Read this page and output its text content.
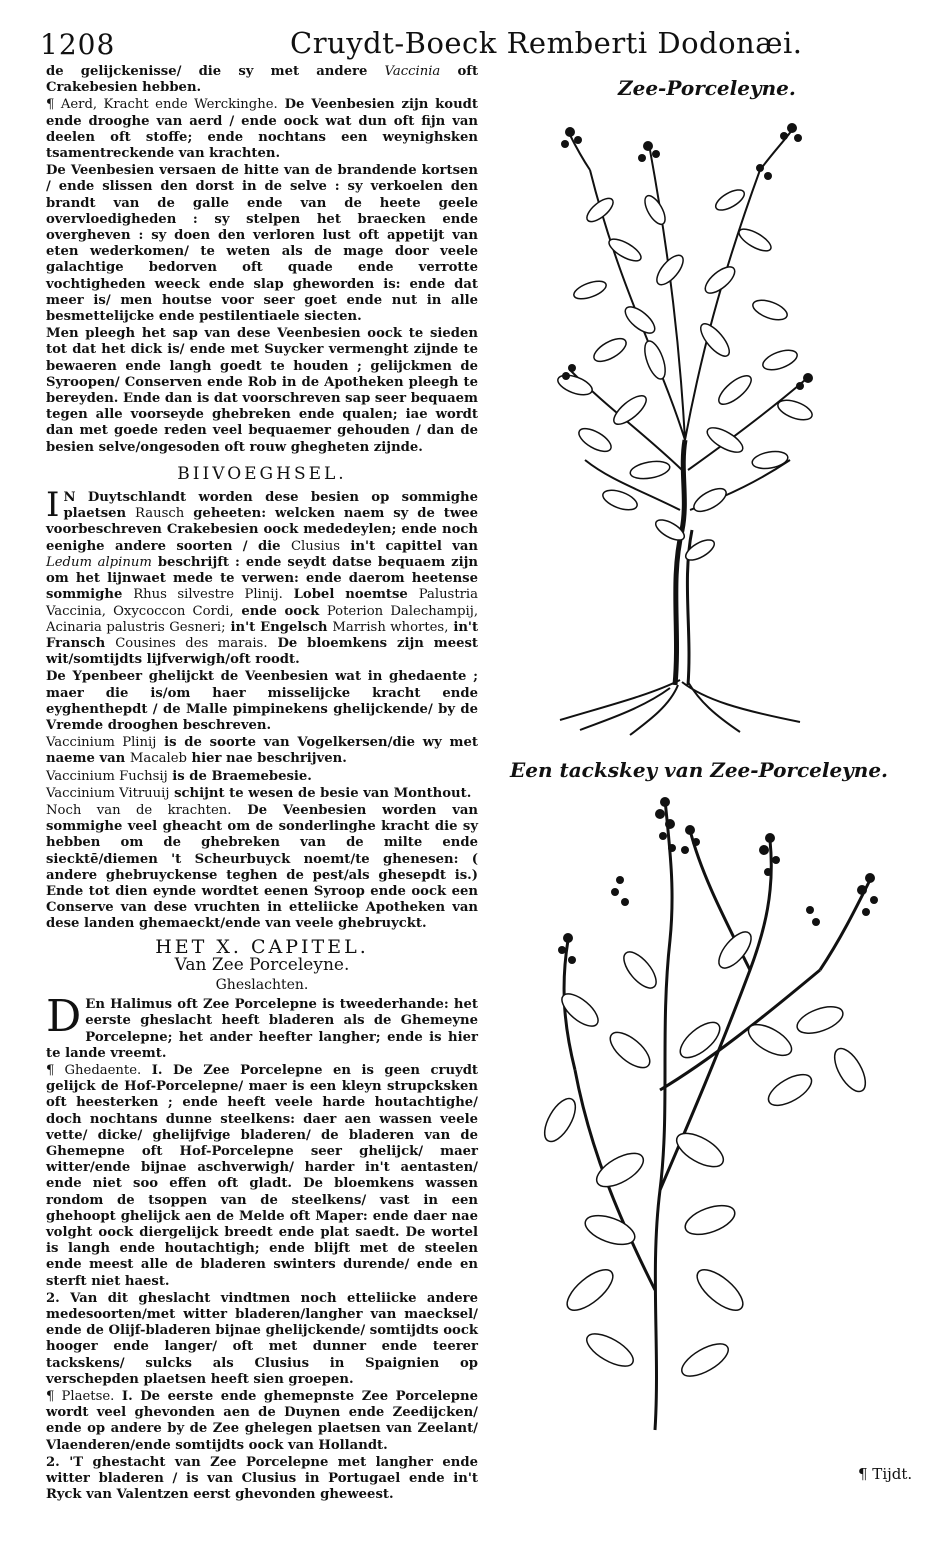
1208	Cruydt-Boeck Remberti Dodonæi.

de gelijckenisse/ die sy met andere Vaccinia oft Crakebesien hebben.

¶ Aerd, Kracht ende Werckinghe. De Veenbesien zijn koudt ende drooghe van aerd / ende oock wat dun oft fijn van deelen oft stoffe; ende nochtans een weynighsken tsamentreckende van krachten.

De Veenbesien versaen de hitte van de brandende kortsen / ende slissen den dorst in de selve : sy verkoelen den brandt van de galle ende van de heete geele overvloedigheden : sy stelpen het braecken ende overgheven : sy doen den verloren lust oft appetijt van eten wederkomen/ te weten als de mage door veele galachtige bedorven oft quade ende verrotte vochtigheden weeck ende slap gheworden is: ende dat meer is/ men houtse voor seer goet ende nut in alle besmettelijcke ende pestilentiaele siecten.

Men pleegh het sap van dese Veenbesien oock te sieden tot dat het dick is/ ende met Suycker vermenght zijnde te bewaeren ende langh goedt te houden ; gelijckmen de Syroopen/ Conserven ende Rob in de Apotheken pleegh te bereyden. Ende dan is dat voorschreven sap seer bequaem tegen alle voorseyde ghebreken ende qualen; iae wordt dan met goede reden veel bequaemer gehouden / dan de besien selve/ongesoden oft rouw ghegheten zijnde.

BIIVOEGHSEL.

I N Duytschlandt worden dese besien op sommighe plaetsen Rausch geheeten: welcken naem sy de twee voorbeschreven Crakebesien oock mededeylen; ende noch eenighe andere soorten / die Clusius in't capittel van Ledum alpinum beschrijft : ende seydt datse bequaem zijn om het lijnwaet mede te verwen: ende daerom heetense sommighe Rhus silvestre Plinij. Lobel noemtse Palustria Vaccinia, Oxycoccon Cordi, ende oock Poterion Dalechampij, Acinaria palustris Gesneri; in't Engelsch Marrish whortes, in't Fransch Cousines des marais. De bloemkens zijn meest wit/somtijdts lijfverwigh/oft roodt.

De Ypenbeer ghelijckt de Veenbesien wat in ghedaente ; maer die is/om haer misselijcke kracht ende eyghenthepdt / de Malle pimpinekens ghelijckende/ by de Vremde drooghen beschreven.

Vaccinium Plinij is de soorte van Vogelkersen/die wy met naeme van Macaleb hier nae beschrijven.

Vaccinium Fuchsij is de Braemebesie.

Vaccinium Vitruuij schijnt te wesen de besie van Monthout.

Noch van de krachten. De Veenbesien worden van sommighe veel gheacht om de sonderlinghe kracht die sy hebben om de ghebreken van de milte ende siecktē/diemen 't Scheurbuyck noemt/te ghenesen: ( andere ghebruyckense teghen de pest/als ghesepdt is.) Ende tot dien eynde wordtet eenen Syroop ende oock een Conserve van dese vruchten in etteliicke Apotheken van dese landen ghemaeckt/ende van veele ghebruyckt.

HET X. CAPITEL.
Van Zee Porceleyne.
Gheslachten.

D En Halimus oft Zee Porcelepne is tweederhande: het eerste gheslacht heeft bladeren als de Ghemeyne Porcelepne; het ander heefter langher; ende is hier te lande vreemt.

¶ Ghedaente. I. De Zee Porcelepne en is geen cruydt gelijck de Hof-Porcelepne/ maer is een kleyn strupcksken oft heesterken ; ende heeft veele harde houtachtighe/ doch nochtans dunne steelkens: daer aen wassen veele vette/ dicke/ ghelijfvige bladeren/ de bladeren van de Ghemepne oft Hof-Porcelepne seer ghelijck/ maer witter/ende bijnae aschverwigh/ harder in't aentasten/ ende niet soo effen oft gladt. De bloemkens wassen rondom de tsoppen van de steelkens/ vast in een ghehoopt ghelijck aen de Melde oft Maper: ende daer nae volght oock diergelijck breedt ende plat saedt. De wortel is langh ende houtachtigh; ende blijft met de steelen ende meest alle de bladeren swinters durende/ ende en sterft niet haest.

2. Van dit gheslacht vindtmen noch etteliicke andere medesoorten/met witter bladeren/langher van maecksel/ ende de Olijf-bladeren bijnae ghelijckende/ somtijdts oock hooger ende langer/ oft met dunner ende teerer tackskens/ sulcks als Clusius in Spaignien op verschepden plaetsen heeft sien groepen.

¶ Plaetse. I. De eerste ende ghemepnste Zee Porcelepne wordt veel ghevonden aen de Duynen ende Zeedijcken/ ende op andere by de Zee ghelegen plaetsen van Zeelant/ Vlaenderen/ende somtijdts oock van Hollandt.

2. 'T ghestacht van Zee Porcelepne met langher ende witter bladeren / is van Clusius in Portugael ende in't Ryck van Valentzen eerst ghevonden gheweest.

Zee-Porceleyne.
Een tackskey van Zee-Porceleyne.
¶ Tijdt.
